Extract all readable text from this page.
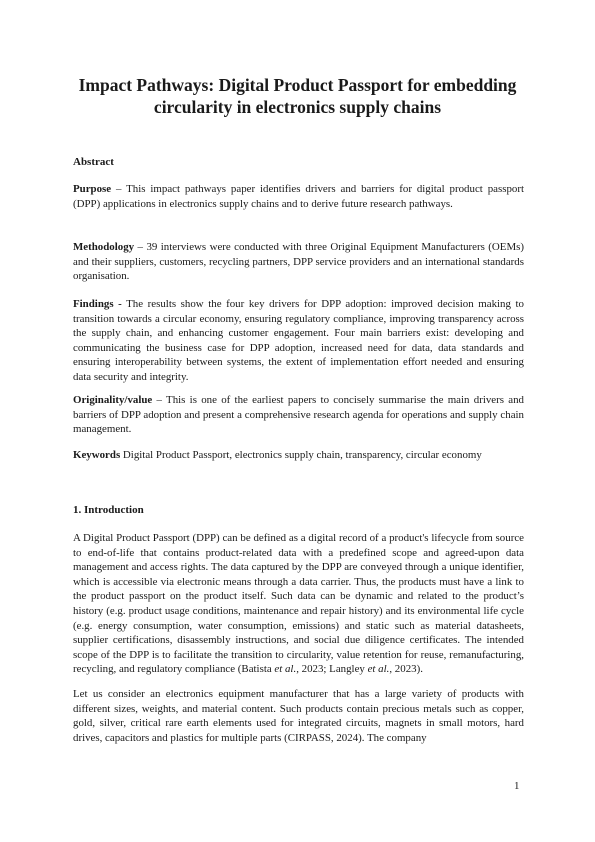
Impact Pathways: Digital Product Passport for embedding circularity in electronics supply chains

Abstract

Purpose – This impact pathways paper identifies drivers and barriers for digital product passport (DPP) applications in electronics supply chains and to derive future research pathways.

Methodology – 39 interviews were conducted with three Original Equipment Manufacturers (OEMs) and their suppliers, customers, recycling partners, DPP service providers and an international standards organisation.

Findings - The results show the four key drivers for DPP adoption: improved decision making to transition towards a circular economy, ensuring regulatory compliance, improving transparency across the supply chain, and enhancing customer engagement. Four main barriers exist: developing and communicating the business case for DPP adoption, increased need for data, data standards and ensuring interoperability between systems, the extent of implementation effort needed and ensuring data security and integrity.

Originality/value – This is one of the earliest papers to concisely summarise the main drivers and barriers of DPP adoption and present a comprehensive research agenda for operations and supply chain management.

Keywords Digital Product Passport, electronics supply chain, transparency, circular economy

1. Introduction

A Digital Product Passport (DPP) can be defined as a digital record of a product's lifecycle from source to end-of-life that contains product-related data with a predefined scope and agreed-upon data management and access rights. The data captured by the DPP are conveyed through a unique identifier, which is accessible via electronic means through a data carrier. Thus, the products must have a link to the product passport on the product itself. Such data can be dynamic and related to the product’s history (e.g. product usage conditions, maintenance and repair history) and its environmental life cycle (e.g. energy consumption, water consumption, emissions) and static such as material datasheets, supplier certifications, disassembly instructions, and social due diligence certificates. The intended scope of the DPP is to facilitate the transition to circularity, value retention for reuse, remanufacturing, recycling, and regulatory compliance (Batista et al., 2023; Langley et al., 2023).

Let us consider an electronics equipment manufacturer that has a large variety of products with different sizes, weights, and material content. Such products contain precious metals such as copper, gold, silver, critical rare earth elements used for integrated circuits, magnets in small motors, hard drives, capacitors and plastics for multiple parts (CIRPASS, 2024). The company

1
